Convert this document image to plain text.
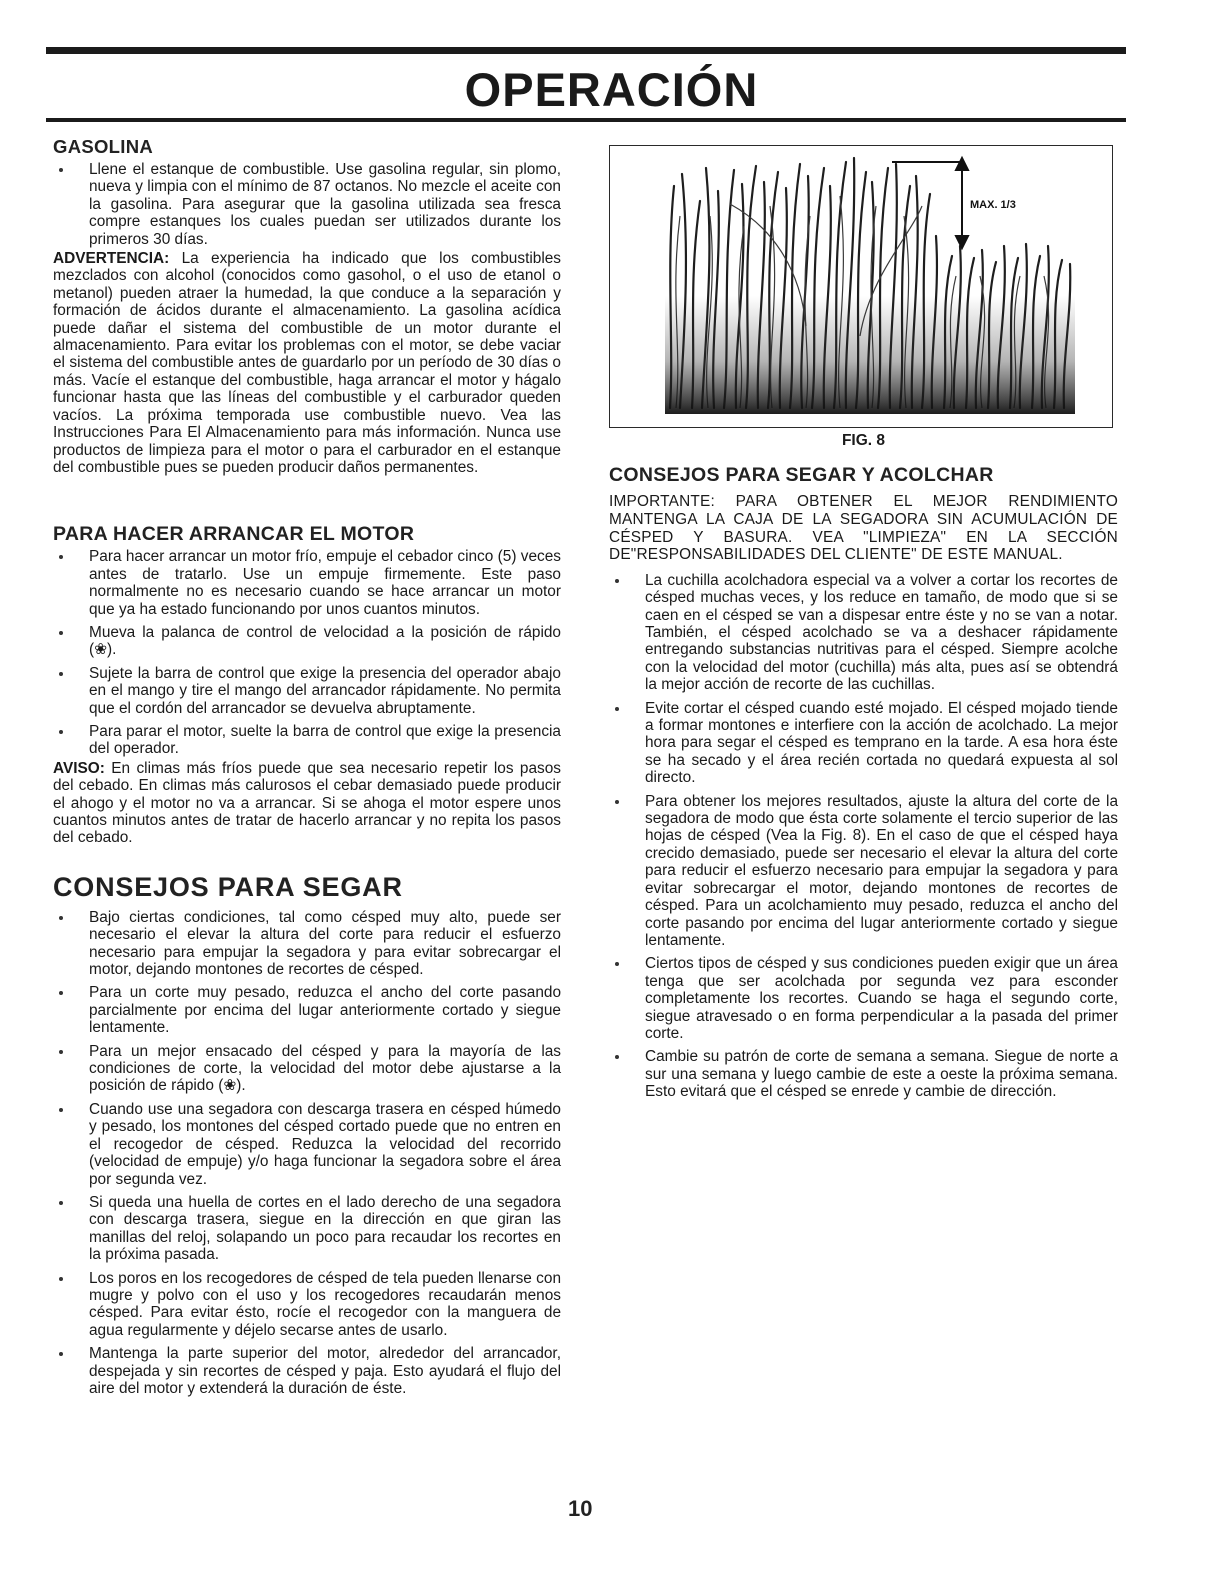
OPERACIÓN
GASOLINA
Llene el estanque de combustible. Use gasolina regular, sin plomo, nueva y limpia con el mínimo de 87 octanos. No mezcle el aceite con la gasolina. Para asegurar que la gasolina utilizada sea fresca compre estanques los cuales puedan ser utilizados durante los primeros 30 días.

ADVERTENCIA: La experiencia ha indicado que los combustibles mezclados con alcohol (conocidos como gasohol, o el uso de etanol o metanol) pueden atraer la humedad, la que conduce a la separación y formación de ácidos durante el almacenamiento. La gasolina acídica puede dañar el sistema del combustible de un motor durante el almacenamiento. Para evitar los problemas con el motor, se debe vaciar el sistema del combustible antes de guardarlo por un período de 30 días o más. Vacíe el estanque del combustible, haga arrancar el motor y hágalo funcionar hasta que las líneas del combustible y el carburador queden vacíos. La próxima temporada use combustible nuevo. Vea las Instrucciones Para El Almacenamiento para más información. Nunca use productos de limpieza para el motor o para el carburador en el estanque del combustible pues se pueden producir daños permanentes.

PARA HACER ARRANCAR EL MOTOR
Para hacer arrancar un motor frío, empuje el cebador cinco (5) veces antes de tratarlo. Use un empuje firmemente. Este paso normalmente no es necesario cuando se hace arrancar un motor que ya ha estado funcionando por unos cuantos minutos.
Mueva la palanca de control de velocidad a la posición de rápido (❀).
Sujete la barra de control que exige la presencia del operador abajo en el mango y tire el mango del arrancador rápidamente. No permita que el cordón del arrancador se devuelva abruptamente.
Para parar el motor, suelte la barra de control que exige la presencia del operador.

AVISO: En climas más fríos puede que sea necesario repetir los pasos del cebado. En climas más calurosos el cebar demasiado puede producir el ahogo y el motor no va a arrancar. Si se ahoga el motor espere unos cuantos minutos antes de tratar de hacerlo arrancar y no repita los pasos del cebado.

CONSEJOS PARA SEGAR
Bajo ciertas condiciones, tal como césped muy alto, puede ser necesario el elevar la altura del corte para reducir el esfuerzo necesario para empujar la segadora y para evitar sobrecargar el motor, dejando montones de recortes de césped.
Para un corte muy pesado, reduzca el ancho del corte pasando parcialmente por encima del lugar anteriormente cortado y siegue lentamente.
Para un mejor ensacado del césped y para la mayoría de las condiciones de corte, la velocidad del motor debe ajustarse a la posición de rápido (❀).
Cuando use una segadora con descarga trasera en césped húmedo y pesado, los montones del césped cortado puede que no entren en el recogedor de césped. Reduzca la velocidad del recorrido (velocidad de empuje) y/o haga funcionar la segadora sobre el área por segunda vez.
Si queda una huella de cortes en el lado derecho de una segadora con descarga trasera, siegue en la dirección en que giran las manillas del reloj, solapando un poco para recaudar los recortes en la próxima pasada.
Los poros en los recogedores de césped de tela pueden llenarse con mugre y polvo con el uso y los recogedores recaudarán menos césped. Para evitar ésto, rocíe el recogedor con la manguera de agua regularmente y déjelo secarse antes de usarlo.
Mantenga la parte superior del motor, alrededor del arrancador, despejada y sin recortes de césped y paja. Esto ayudará el flujo del aire del motor y extenderá la duración de éste.
MAX. 1/3
FIG. 8
CONSEJOS PARA SEGAR Y ACOLCHAR

IMPORTANTE: PARA OBTENER EL MEJOR RENDIMIENTO MANTENGA LA CAJA DE LA SEGADORA SIN ACUMULACIÓN DE CÉSPED Y BASURA. VEA "LIMPIEZA" EN LA SECCIÓN DE"RESPONSABILIDADES DEL CLIENTE" DE ESTE MANUAL.

La cuchilla acolchadora especial va a volver a cortar los recortes de césped muchas veces, y los reduce en tamaño, de modo que si se caen en el césped se van a dispesar entre éste y no se van a notar. También, el césped acolchado se va a deshacer rápidamente entregando substancias nutritivas para el césped. Siempre acolche con la velocidad del motor (cuchilla) más alta, pues así se obtendrá la mejor acción de recorte de las cuchillas.
Evite cortar el césped cuando esté mojado. El césped mojado tiende a formar montones e interfiere con la acción de acolchado. La mejor hora para segar el césped es temprano en la tarde. A esa hora éste se ha secado y el área recién cortada no quedará expuesta al sol directo.
Para obtener los mejores resultados, ajuste la altura del corte de la segadora de modo que ésta corte solamente el tercio superior de las hojas de césped (Vea la Fig. 8). En el caso de que el césped haya crecido demasiado, puede ser necesario el elevar la altura del corte para reducir el esfuerzo necesario para empujar la segadora y para evitar sobrecargar el motor, dejando montones de recortes de césped. Para un acolchamiento muy pesado, reduzca el ancho del corte pasando por encima del lugar anteriormente cortado y siegue lentamente.
Ciertos tipos de césped y sus condiciones pueden exigir que un área tenga que ser acolchada por segunda vez para esconder completamente los recortes. Cuando se haga el segundo corte, siegue atravesado o en forma perpendicular a la pasada del primer corte.
Cambie su patrón de corte de semana a semana. Siegue de norte a sur una semana y luego cambie de este a oeste la próxima semana. Esto evitará que el césped se enrede y cambie de dirección.
10
